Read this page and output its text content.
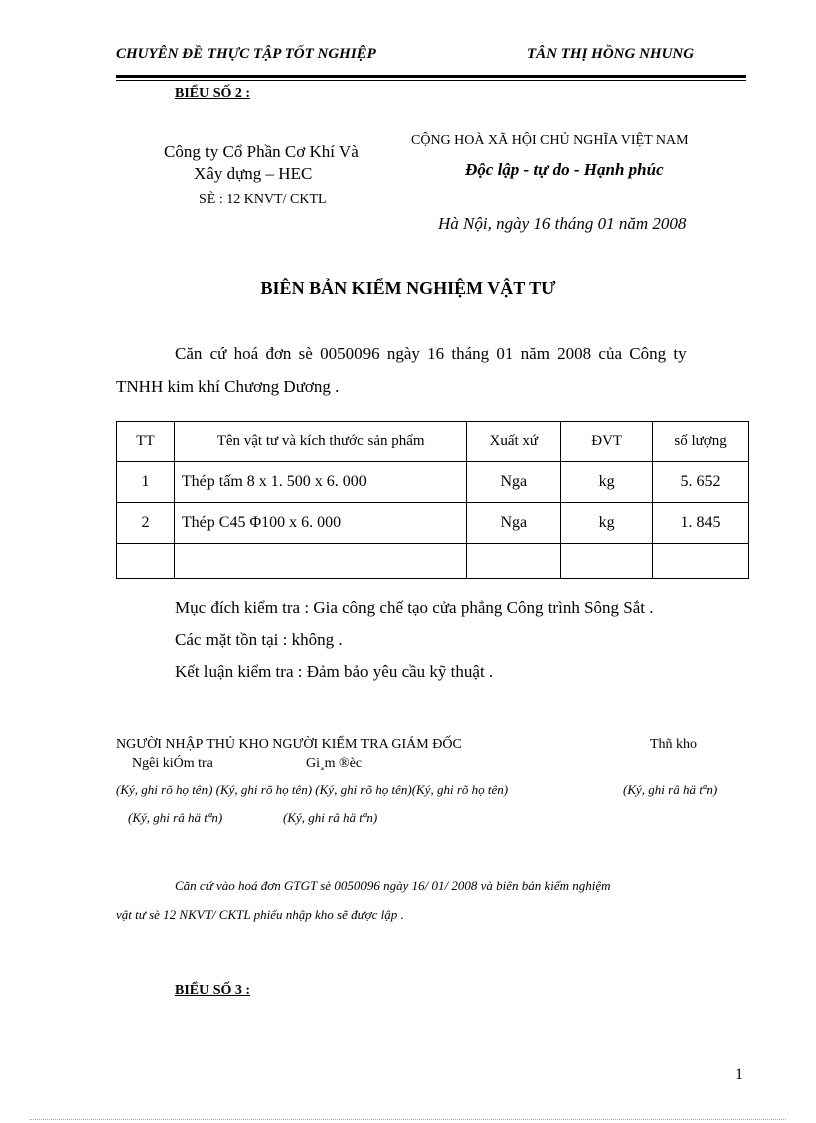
CHUYÊN ĐỀ THỰC TẬP TỐT NGHIỆP	TÂN THỊ HỒNG NHUNG
BIỂU SỐ 2 :
Công ty Cổ Phần Cơ Khí Và
Xây dựng – HEC
SÈ : 12 KNVT/ CKTL
CỘNG HOÀ XÃ HỘI CHỦ NGHĨA VIỆT NAM
Độc lập - tự do - Hạnh phúc
Hà Nội, ngày 16 tháng 01 năm 2008
BIÊN BẢN KIỂM NGHIỆM VẬT TƯ
Căn cứ hoá đơn sè 0050096 ngày 16 tháng 01 năm 2008 của Công ty
TNHH kim khí Chương Dương .
TT	Tên vật tư và kích thước sản phẩm	Xuất xứ	ĐVT	số lượng
1	Thép tấm 8 x 1. 500 x 6. 000	Nga	kg	5. 652
2	Thép C45 Φ100 x 6. 000	Nga	kg	1. 845

Mục đích kiểm tra : Gia công chế tạo cửa phẳng Công trình Sông Sắt .
Các mặt tồn tại : không .
Kết luận kiểm tra : Đảm bảo yêu cầu kỹ thuật .
NGƯỜI NHẬP THỦ KHO NGƯỜI KIỂM TRA GIÁM ĐỐC	Thñ kho
Ngêi kiÓm tra	Gi¸m ®èc
(Ký, ghi rõ họ tên) (Ký, ghi rõ họ tên) (Ký, ghi rõ họ tên)(Ký, ghi rõ họ tên)	(Ký, ghi râ hä tªn)
(Ký, ghi râ hä tªn)	(Ký, ghi râ hä tªn)
Căn cứ vào hoá đơn GTGT sè 0050096 ngày 16/ 01/ 2008 và biên bản kiểm nghiệm
vật tư sè 12 NKVT/ CKTL phiếu nhập kho sẽ được lập .
BIỂU SỐ 3 :
1
